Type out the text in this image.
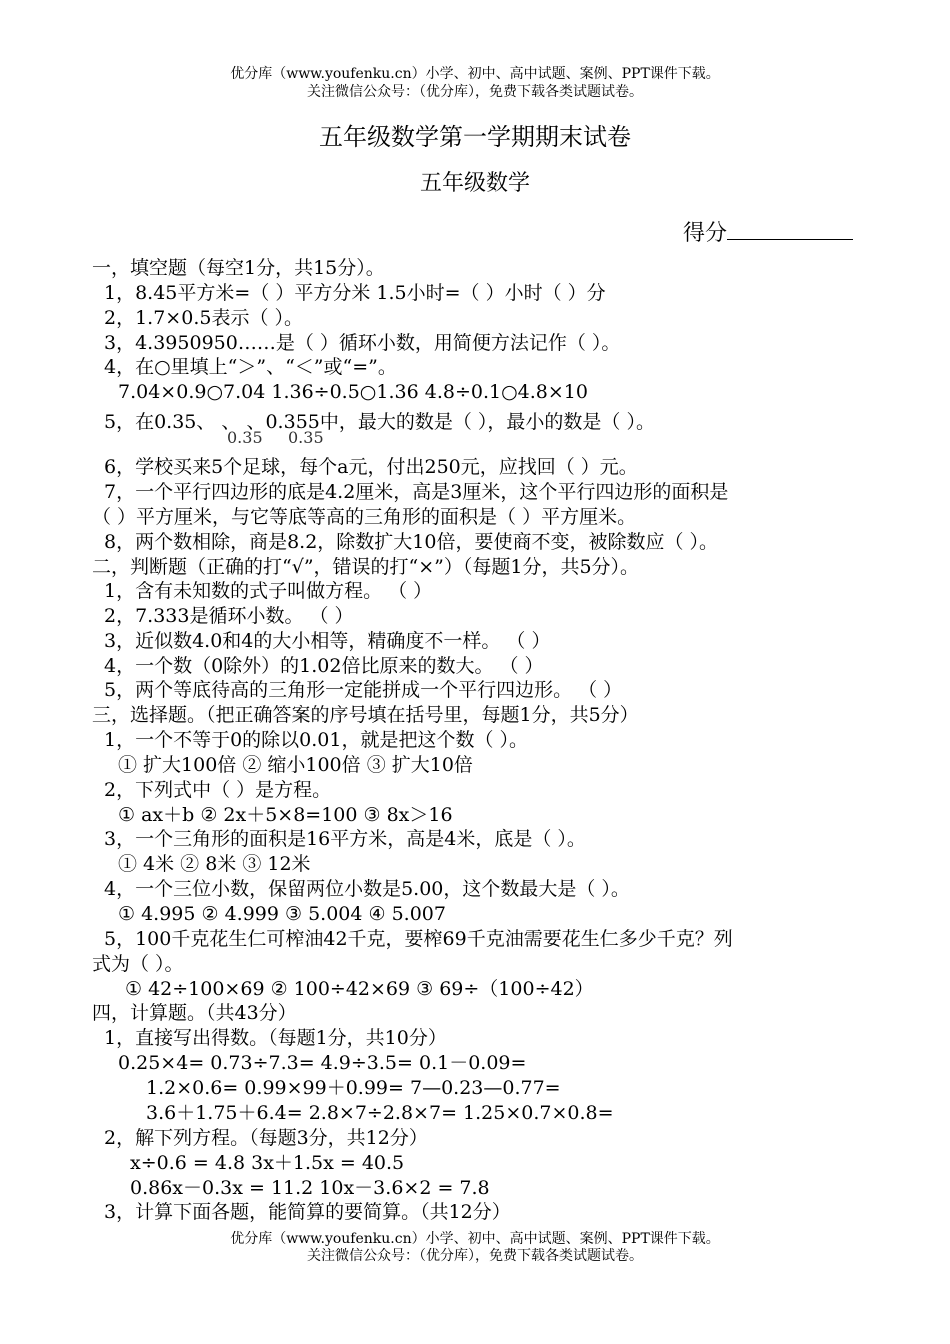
优分库（www.youfenku.cn）小学、初中、高中试题、案例、PPT课件下载。
关注微信公众号：（优分库），免费下载各类试题试卷。
五年级数学第一学期期末试卷
五年级数学
得分
一，填空题（每空1分，共15分）。
1，8.45平方米=（ ）平方分米 1.5小时=（ ）小时（ ）分
2，1.7×0.5表示（ ）。
3，4.3950950……是（ ）循环小数，用简便方法记作（ ）。
4，在○里填上“＞”、“＜”或“=”。
7.04×0.9○7.04 1.36÷0.5○1.36 4.8÷0.1○4.8×10
5，在0.35、 、 、0.355中，最大的数是（ ），最小的数是（ ）。
0.35 0.35
6，学校买来5个足球，每个a元，付出250元，应找回（ ）元。
7，一个平行四边形的底是4.2厘米，高是3厘米，这个平行四边形的面积是
（ ）平方厘米，与它等底等高的三角形的面积是（ ）平方厘米。
8，两个数相除，商是8.2，除数扩大10倍，要使商不变，被除数应（ ）。
二，判断题（正确的打“√”，错误的打“×”）（每题1分，共5分）。
1，含有未知数的式子叫做方程。 （ ）
2，7.333是循环小数。 （ ）
3，近似数4.0和4的大小相等，精确度不一样。 （ ）
4，一个数（0除外）的1.02倍比原来的数大。 （ ）
5，两个等底待高的三角形一定能拼成一个平行四边形。 （ ）
三，选择题。（把正确答案的序号填在括号里，每题1分，共5分）
1，一个不等于0的除以0.01，就是把这个数（ ）。
① 扩大100倍 ② 缩小100倍 ③ 扩大10倍
2，下列式中（ ）是方程。
① ax＋b ② 2x＋5×8=100 ③ 8x＞16
3，一个三角形的面积是16平方米，高是4米，底是（ ）。
① 4米 ② 8米 ③ 12米
4，一个三位小数，保留两位小数是5.00，这个数最大是（ ）。
① 4.995 ② 4.999 ③ 5.004 ④ 5.007
5，100千克花生仁可榨油42千克，要榨69千克油需要花生仁多少千克？列
式为（ ）。
① 42÷100×69 ② 100÷42×69 ③ 69÷（100÷42）
四，计算题。（共43分）
1，直接写出得数。（每题1分，共10分）
0.25×4= 0.73÷7.3= 4.9÷3.5= 0.1－0.09=
1.2×0.6= 0.99×99＋0.99= 7—0.23—0.77=
3.6＋1.75＋6.4= 2.8×7÷2.8×7= 1.25×0.7×0.8=
2，解下列方程。（每题3分，共12分）
x÷0.6 = 4.8 3x＋1.5x = 40.5
0.86x－0.3x = 11.2 10x－3.6×2 = 7.8
3，计算下面各题，能简算的要简算。（共12分）
优分库（www.youfenku.cn）小学、初中、高中试题、案例、PPT课件下载。
关注微信公众号：（优分库），免费下载各类试题试卷。
